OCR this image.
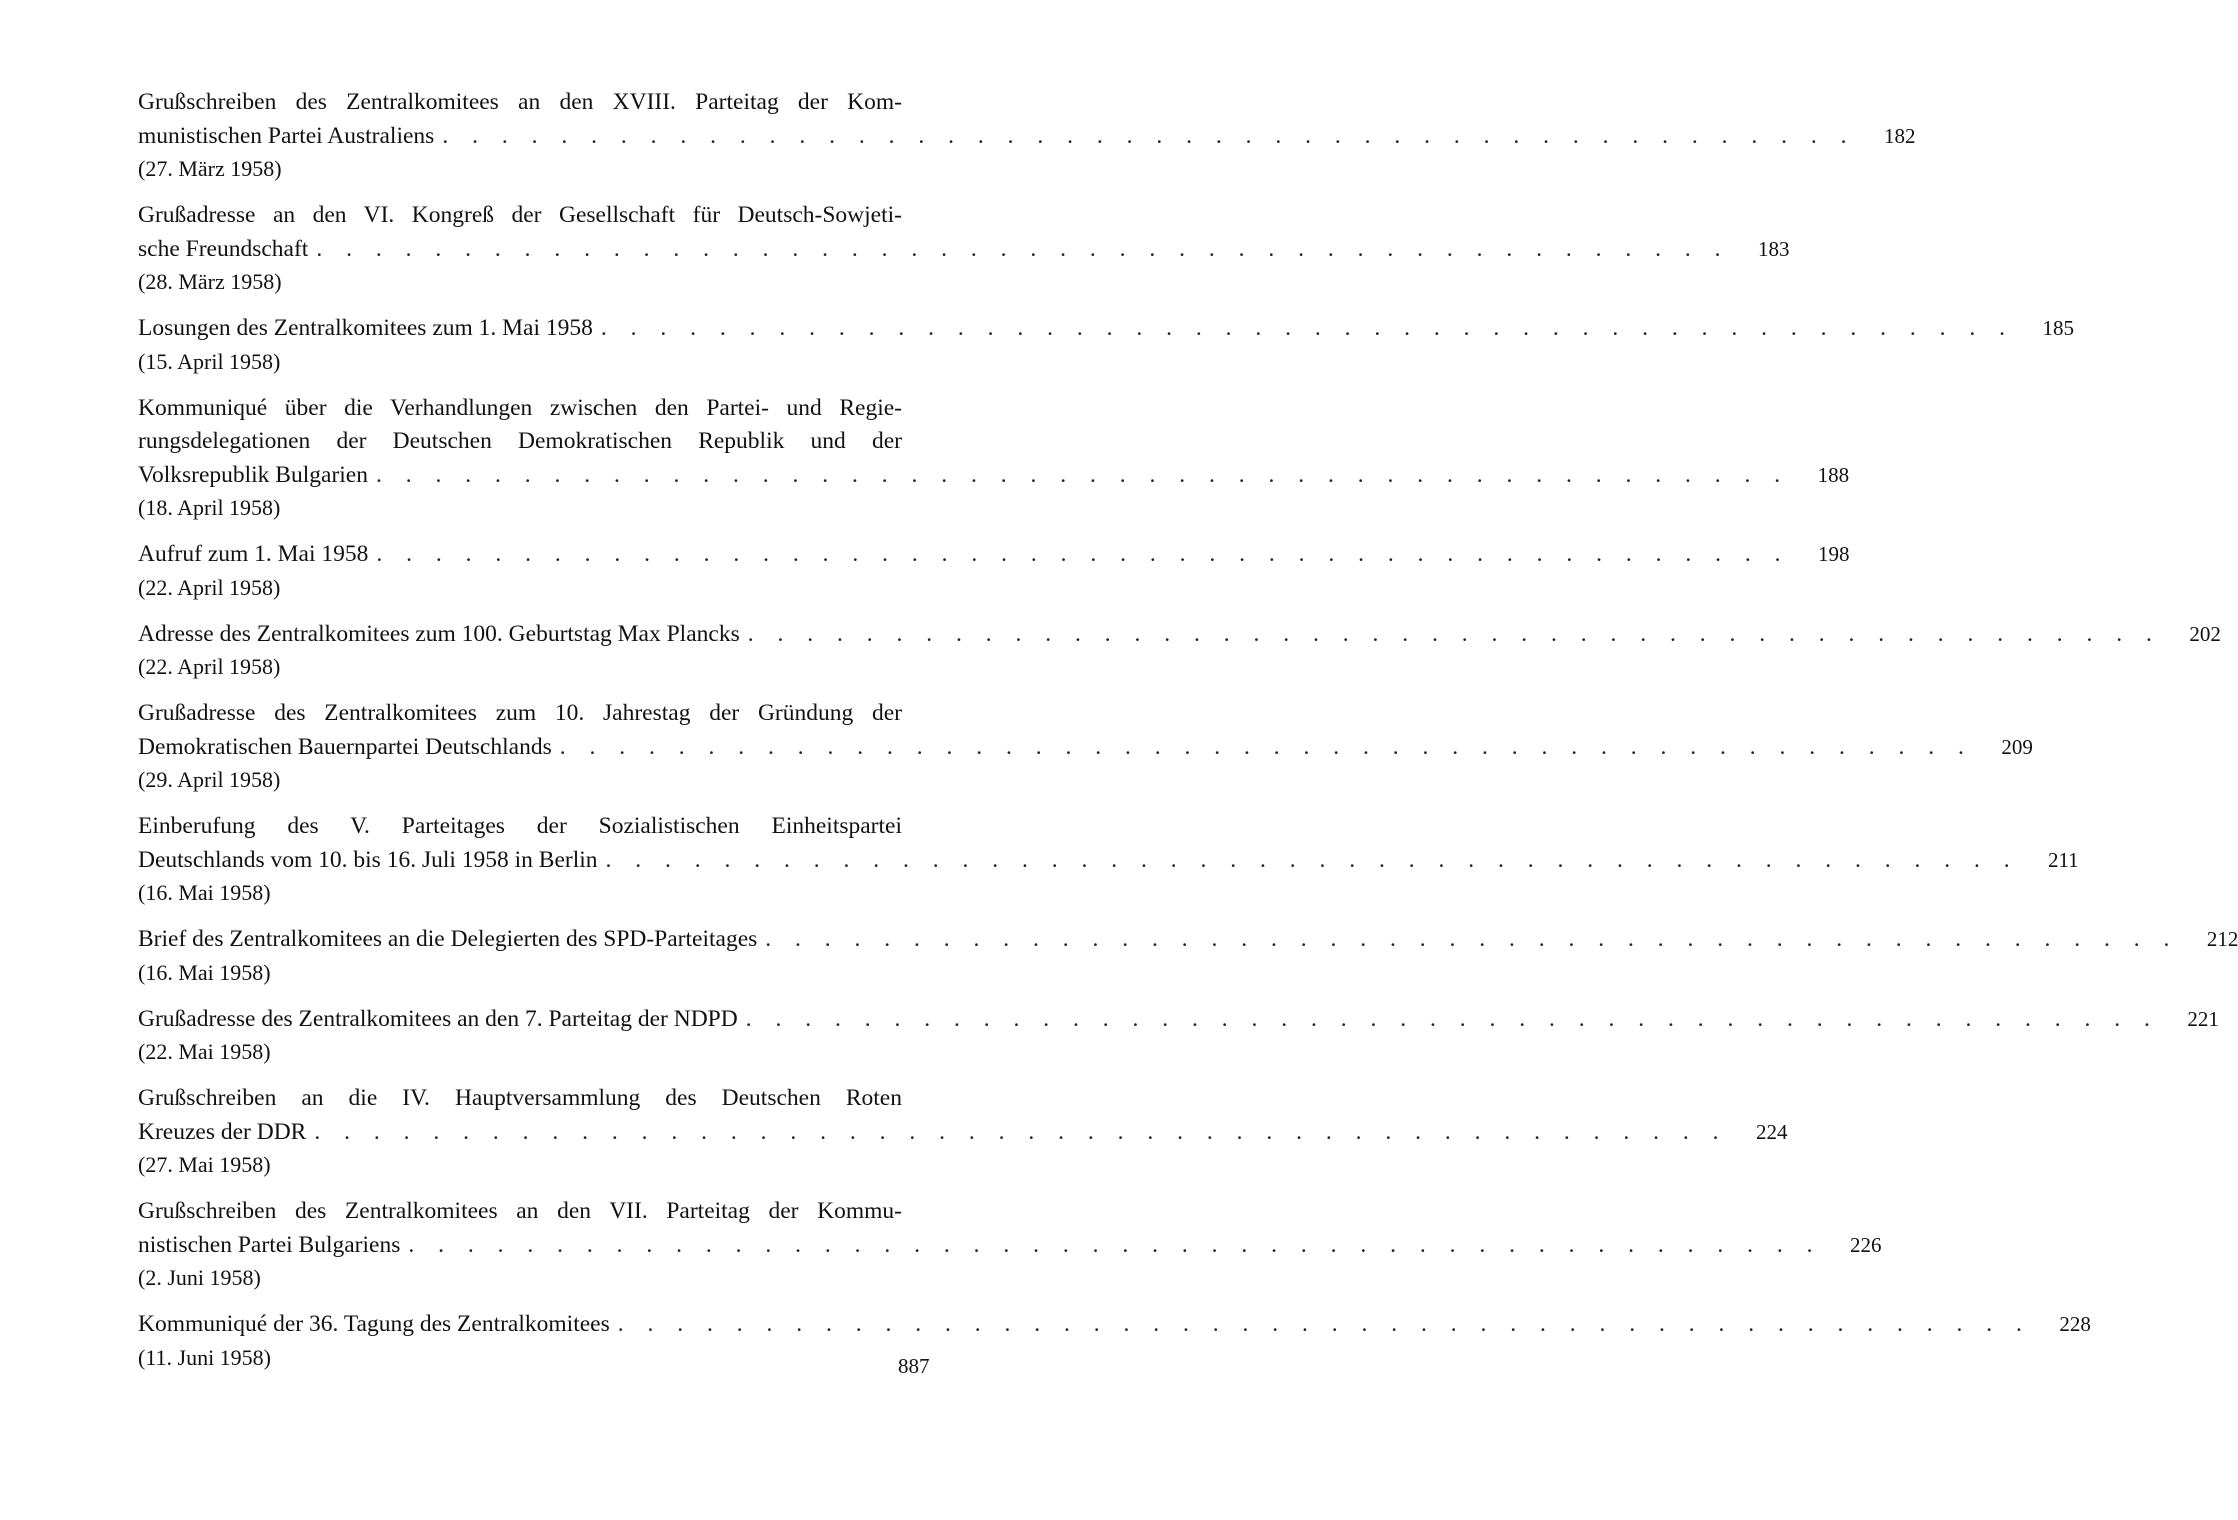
Grußschreiben des Zentralkomitees an den XVIII. Parteitag der Kom-
munistischen Partei Australiens . . . . . . . . . . . . . . . . . . . . . . . . . . . . . . . . . . . . . . . . . . . . . . . .	182
(27. März 1958)
Grußadresse an den VI. Kongreß der Gesellschaft für Deutsch-Sowjeti-
sche Freundschaft . . . . . . . . . . . . . . . . . . . . . . . . . . . . . . . . . . . . . . . . . . . . . . . .	183
(28. März 1958)
Losungen des Zentralkomitees zum 1. Mai 1958 . . . . . . . . . . . . . . . . . . . . . . . . . . . . . . . . . . . . . . . . . . . . . . . .	185
(15. April 1958)
Kommuniqué über die Verhandlungen zwischen den Partei- und Regie-
rungsdelegationen der Deutschen Demokratischen Republik und der
Volksrepublik Bulgarien . . . . . . . . . . . . . . . . . . . . . . . . . . . . . . . . . . . . . . . . . . . . . . . .	188
(18. April 1958)
Aufruf zum 1. Mai 1958 . . . . . . . . . . . . . . . . . . . . . . . . . . . . . . . . . . . . . . . . . . . . . . . .	198
(22. April 1958)
Adresse des Zentralkomitees zum 100. Geburtstag Max Plancks . . . . . . . . . . . . . . . . . . . . . . . . . . . . . . . . . . . . . . . . . . . . . . . .	202
(22. April 1958)
Grußadresse des Zentralkomitees zum 10. Jahrestag der Gründung der
Demokratischen Bauernpartei Deutschlands . . . . . . . . . . . . . . . . . . . . . . . . . . . . . . . . . . . . . . . . . . . . . . . .	209
(29. April 1958)
Einberufung des V. Parteitages der Sozialistischen Einheitspartei
Deutschlands vom 10. bis 16. Juli 1958 in Berlin . . . . . . . . . . . . . . . . . . . . . . . . . . . . . . . . . . . . . . . . . . . . . . . .	211
(16. Mai 1958)
Brief des Zentralkomitees an die Delegierten des SPD-Parteitages . . . . . . . . . . . . . . . . . . . . . . . . . . . . . . . . . . . . . . . . . . . . . . . .	212
(16. Mai 1958)
Grußadresse des Zentralkomitees an den 7. Parteitag der NDPD . . . . . . . . . . . . . . . . . . . . . . . . . . . . . . . . . . . . . . . . . . . . . . . .	221
(22. Mai 1958)
Grußschreiben an die IV. Hauptversammlung des Deutschen Roten
Kreuzes der DDR . . . . . . . . . . . . . . . . . . . . . . . . . . . . . . . . . . . . . . . . . . . . . . . .	224
(27. Mai 1958)
Grußschreiben des Zentralkomitees an den VII. Parteitag der Kommu-
nistischen Partei Bulgariens . . . . . . . . . . . . . . . . . . . . . . . . . . . . . . . . . . . . . . . . . . . . . . . .	226
(2. Juni 1958)
Kommuniqué der 36. Tagung des Zentralkomitees . . . . . . . . . . . . . . . . . . . . . . . . . . . . . . . . . . . . . . . . . . . . . . . .	228
(11. Juni 1958)	887
